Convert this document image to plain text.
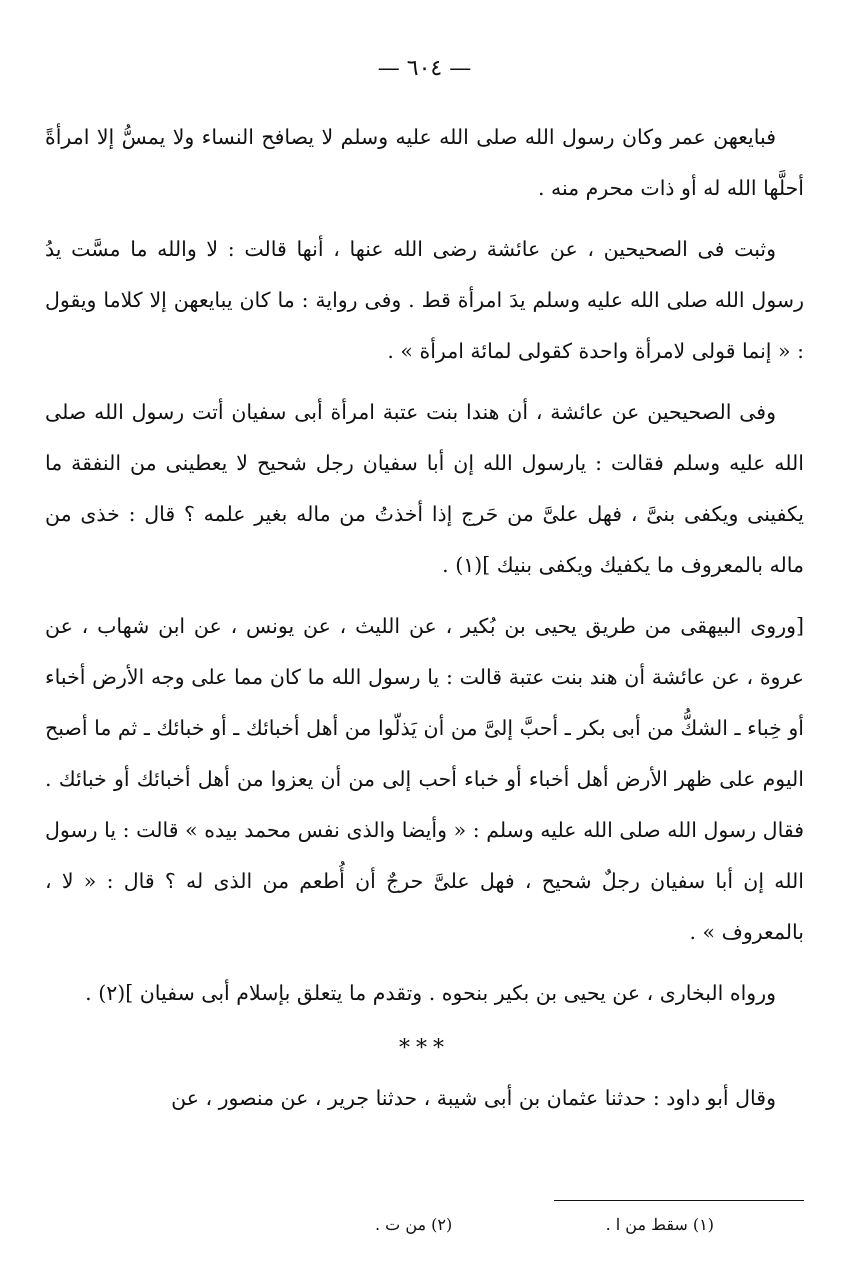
— ٦٠٤ —

فبايعهن عمر وكان رسول الله صلى الله عليه وسلم لا يصافح النساء ولا يمسُّ إلا امرأةً أحلَّها الله له أو ذات محرم منه .

وثبت فى الصحيحين ، عن عائشة رضى الله عنها ، أنها قالت : لا والله ما مسَّت يدُ رسول الله صلى الله عليه وسلم يدَ امرأة قط . وفى رواية : ما كان يبايعهن إلا كلاما ويقول : « إنما قولى لامرأة واحدة كقولى لمائة امرأة » .

وفى الصحيحين عن عائشة ، أن هندا بنت عتبة امرأة أبى سفيان أتت رسول الله صلى الله عليه وسلم فقالت : يارسول الله إن أبا سفيان رجل شحيح لا يعطينى من النفقة ما يكفينى ويكفى بنىَّ ، فهل علىَّ من حَرج إذا أخذتُ من ماله بغير علمه ؟ قال : خذى من ماله بالمعروف ما يكفيك ويكفى بنيك ](١) .

[وروى البيهقى من طريق يحيى بن بُكير ، عن الليث ، عن يونس ، عن ابن شهاب ، عن عروة ، عن عائشة أن هند بنت عتبة قالت : يا رسول الله ما كان مما على وجه الأرض أخباء أو خِباء ـ الشكُّ من أبى بكر ـ أحبَّ إلىَّ من أن يَذلّوا من أهل أخبائك ـ أو خبائك ـ ثم ما أصبح اليوم على ظهر الأرض أهل أخباء أو خباء أحب إلى من أن يعزوا من أهل أخبائك أو خبائك . فقال رسول الله صلى الله عليه وسلم : « وأيضا والذى نفس محمد بيده » قالت : يا رسول الله إن أبا سفيان رجلٌ شحيح ، فهل علىَّ حرجٌ أن أُطعم من الذى له ؟ قال : « لا ، بالمعروف » .

ورواه البخارى ، عن يحيى بن بكير بنحوه . وتقدم ما يتعلق بإسلام أبى سفيان ](٢) .

***

وقال أبو داود : حدثنا عثمان بن أبى شيبة ، حدثنا جرير ، عن منصور ، عن

(١) سقط من ا .
(٢) من ت .
